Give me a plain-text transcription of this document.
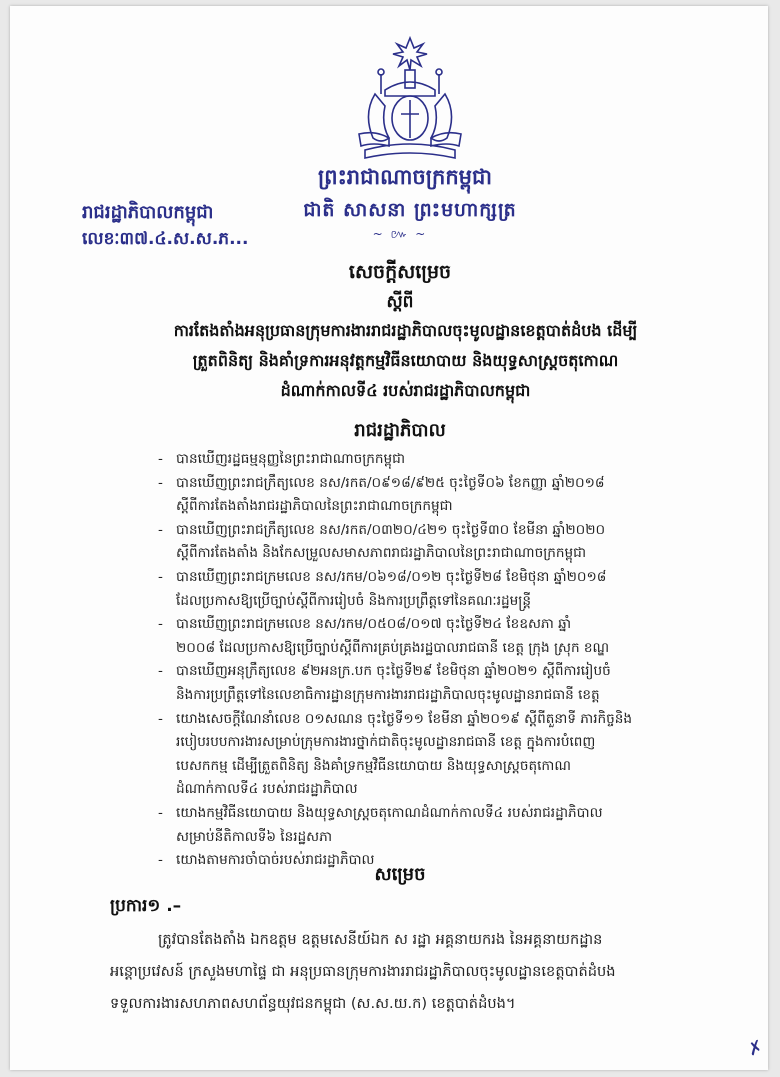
ព្រះរាជាណាចក្រកម្ពុជា
ជាតិ សាសនា ព្រះមហាក្សត្រ
~ ៚ ~
រាជរដ្ឋាភិបាលកម្ពុជា
លេខៈ៣៧.៤.ស.ស.ភ...
សេចក្តីសម្រេច
ស្តីពី
ការតែងតាំងអនុប្រធានក្រុមការងាររាជរដ្ឋាភិបាលចុះមូលដ្ឋានខេត្តបាត់ដំបង ដើម្បី
ត្រួតពិនិត្យ និងគាំទ្រការអនុវត្តកម្មវិធីនយោបាយ និងយុទ្ធសាស្ត្រចតុកោណ
ដំណាក់កាលទី៤ របស់រាជរដ្ឋាភិបាលកម្ពុជា
រាជរដ្ឋាភិបាល
- បានឃើញរដ្ឋធម្មនុញ្ញនៃព្រះរាជាណាចក្រកម្ពុជា
- បានឃើញព្រះរាជក្រឹត្យលេខ នស/រកត/០៩១៨/៩២៥ ចុះថ្ងៃទី០៦ ខែកញ្ញា ឆ្នាំ២០១៨
ស្តីពីការតែងតាំងរាជរដ្ឋាភិបាលនៃព្រះរាជាណាចក្រកម្ពុជា
- បានឃើញព្រះរាជក្រឹត្យលេខ នស/រកត/០៣២០/៤២១ ចុះថ្ងៃទី៣០ ខែមីនា ឆ្នាំ២០២០
ស្តីពីការតែងតាំង និងកែសម្រួលសមាសភាពរាជរដ្ឋាភិបាលនៃព្រះរាជាណាចក្រកម្ពុជា
- បានឃើញព្រះរាជក្រមលេខ នស/រកម/០៦១៨/០១២ ចុះថ្ងៃទី២៨ ខែមិថុនា ឆ្នាំ២០១៨
ដែលប្រកាសឱ្យប្រើច្បាប់ស្តីពីការរៀបចំ និងការប្រព្រឹត្តទៅនៃគណៈរដ្ឋមន្ត្រី
- បានឃើញព្រះរាជក្រមលេខ នស/រកម/០៥០៨/០១៧ ចុះថ្ងៃទី២៤ ខែឧសភា ឆ្នាំ
២០០៨ ដែលប្រកាសឱ្យប្រើច្បាប់ស្តីពីការគ្រប់គ្រងរដ្ឋបាលរាជធានី ខេត្ត ក្រុង ស្រុក ខណ្ឌ
- បានឃើញអនុក្រឹត្យលេខ ៩២អនក្រ.បក ចុះថ្ងៃទី២៩ ខែមិថុនា ឆ្នាំ២០២១ ស្តីពីការរៀបចំ
និងការប្រព្រឹត្តទៅនៃលេខាធិការដ្ឋានក្រុមការងាររាជរដ្ឋាភិបាលចុះមូលដ្ឋានរាជធានី ខេត្ត
- យោងសេចក្តីណែនាំលេខ ០១សណន ចុះថ្ងៃទី១១ ខែមីនា ឆ្នាំ២០១៩ ស្តីពីតួនាទី ភារកិច្ចនិង
របៀបរបបការងារសម្រាប់ក្រុមការងារថ្នាក់ជាតិចុះមូលដ្ឋានរាជធានី ខេត្ត ក្នុងការបំពេញ
បេសកកម្ម ដើម្បីត្រួតពិនិត្យ និងគាំទ្រកម្មវិធីនយោបាយ និងយុទ្ធសាស្ត្រចតុកោណ
ដំណាក់កាលទី៤ របស់រាជរដ្ឋាភិបាល
- យោងកម្មវិធីនយោបាយ និងយុទ្ធសាស្ត្រចតុកោណដំណាក់កាលទី៤ របស់រាជរដ្ឋាភិបាល
សម្រាប់នីតិកាលទី៦ នៃរដ្ឋសភា
- យោងតាមការចាំបាច់របស់រាជរដ្ឋាភិបាល
សម្រេច
ប្រការ១ .–
ត្រូវបានតែងតាំង ឯកឧត្តម ឧត្តមសេនីយ៍ឯក ស រដ្ឋា អគ្គនាយករង នៃអគ្គនាយកដ្ឋាន
អន្តោប្រវេសន៍ ក្រសួងមហាផ្ទៃ ជា អនុប្រធានក្រុមការងាររាជរដ្ឋាភិបាលចុះមូលដ្ឋានខេត្តបាត់ដំបង
ទទួលការងារសហភាពសហព័ន្ធយុវជនកម្ពុជា (ស.ស.យ.ក) ខេត្តបាត់ដំបង។
✗
